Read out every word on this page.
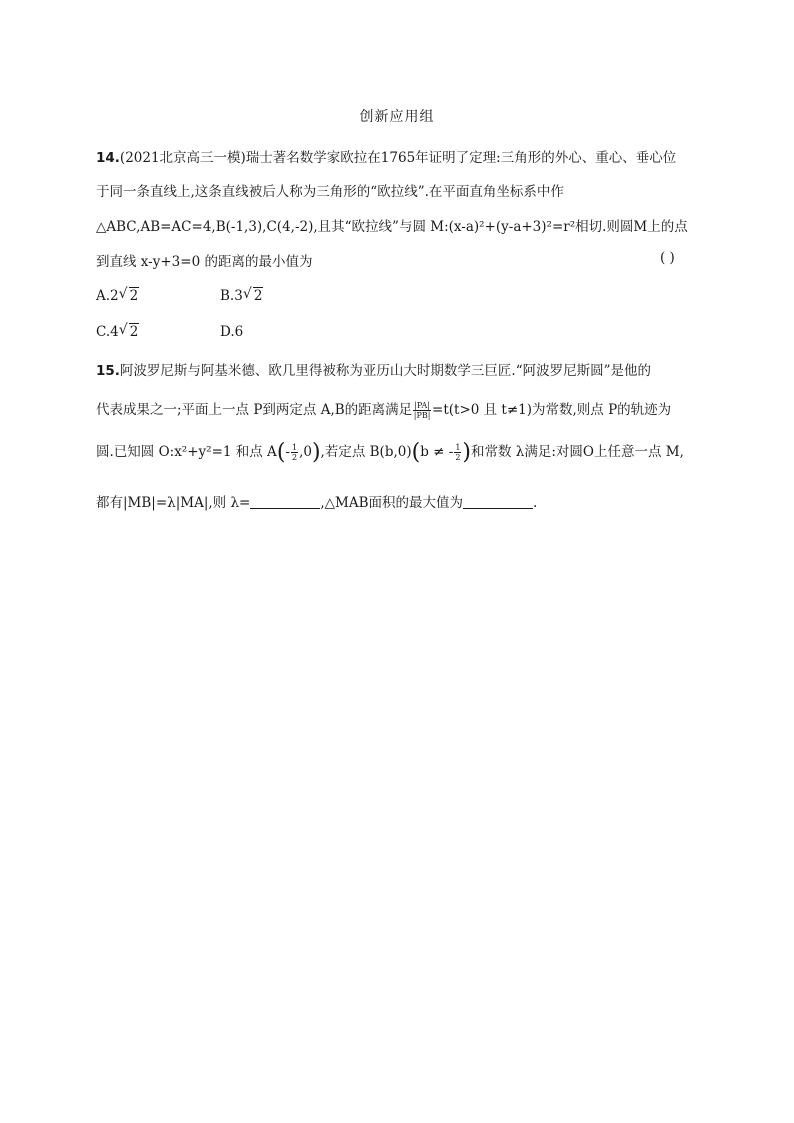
创新应用组
14.(2021北京高三一模)瑞士著名数学家欧拉在1765年证明了定理:三角形的外心、重心、垂心位
于同一条直线上,这条直线被后人称为三角形的“欧拉线”.在平面直角坐标系中作
△ABC,AB=AC=4,B(-1,3),C(4,-2),且其“欧拉线”与圆 M:(x-a)²+(y-a+3)²=r²相切.则圆M上的点
到直线 x-y+3=0 的距离的最小值为	( )
A.2 √ 2	B.3 √ 2
C.4 √ 2	D.6
15.阿波罗尼斯与阿基米德、欧几里得被称为亚历山大时期数学三巨匠.“阿波罗尼斯圆”是他的
代表成果之一;平面上一点 P到两定点 A,B的距离满足 $\frac{|PA|}{|PB|} =t(t>0$ 且 t≠1)为常数,则点 P的轨迹为
圆.已知圆 O:x²+y²=1 和点 $A(- \frac{1}{2} ,0)$,若定点 B(b,0)(b ≠ - $\frac{1}{2}$ )和常数 λ满足:对圆O上任意一点 M,
都有|MB|=λ|MA|,则 λ=	,△MAB面积的最大值为	.
